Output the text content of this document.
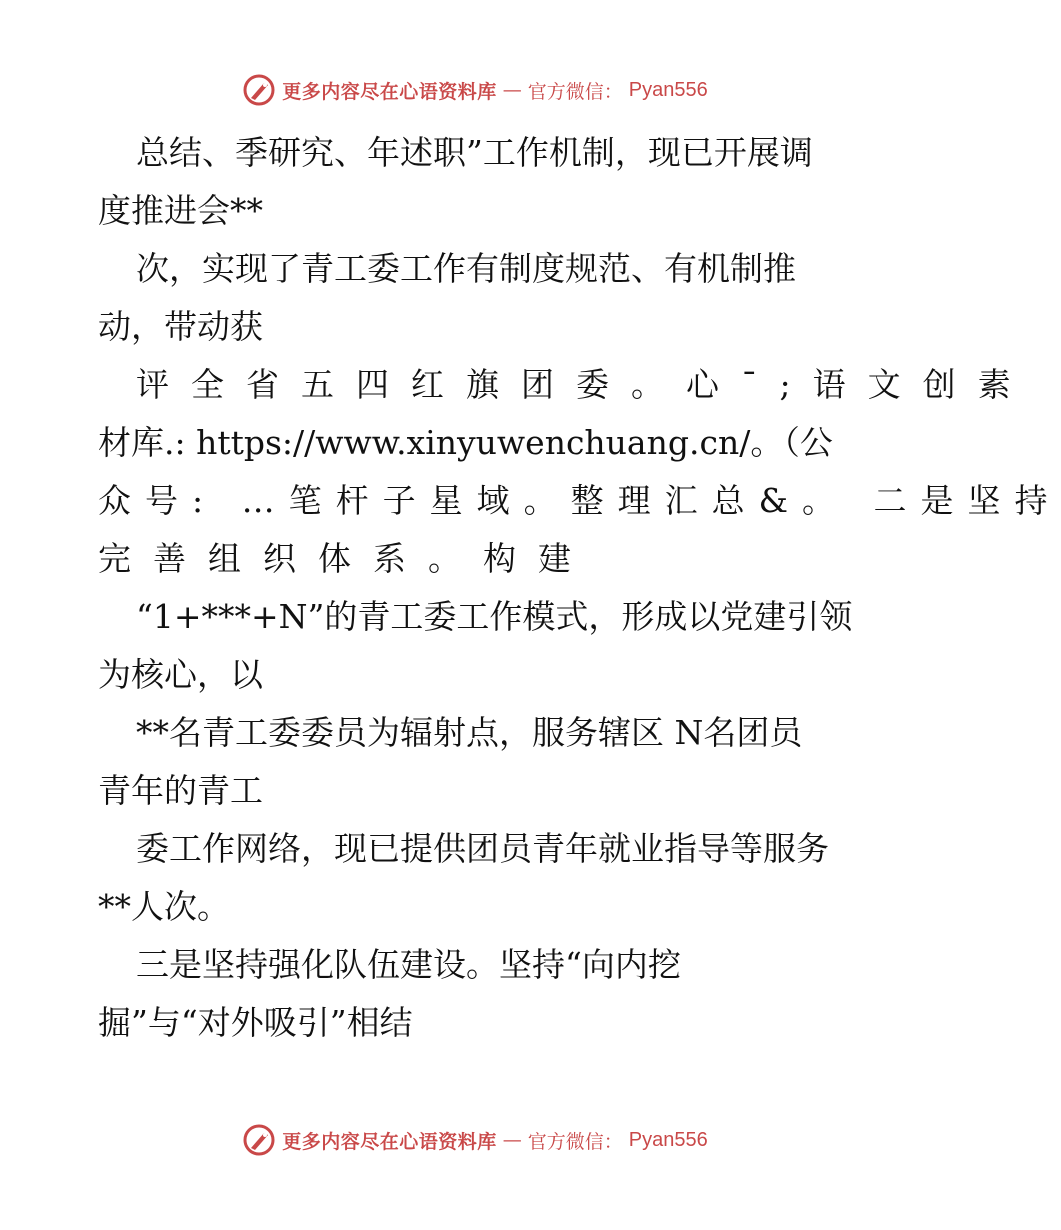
更多内容尽在心语资料库 — 官方微信： Pyan556

总结、季研究、年述职”工作机制，现已开展调

度推进会**

次，实现了青工委工作有制度规范、有机制推

动，带动获

评全省五四红旗团委。心¯;语文创素

材库.: https://www.xinyuwenchuang.cn/。（公

众号: …笔杆子星域。整理汇总&。 二是坚持

完善组织体系。构建

“1+***+N”的青工委工作模式，形成以党建引领

为核心，以

**名青工委委员为辐射点，服务辖区 N名团员

青年的青工

委工作网络，现已提供团员青年就业指导等服务

**人次。

三是坚持强化队伍建设。坚持“向内挖

掘”与“对外吸引”相结

更多内容尽在心语资料库 — 官方微信： Pyan556
